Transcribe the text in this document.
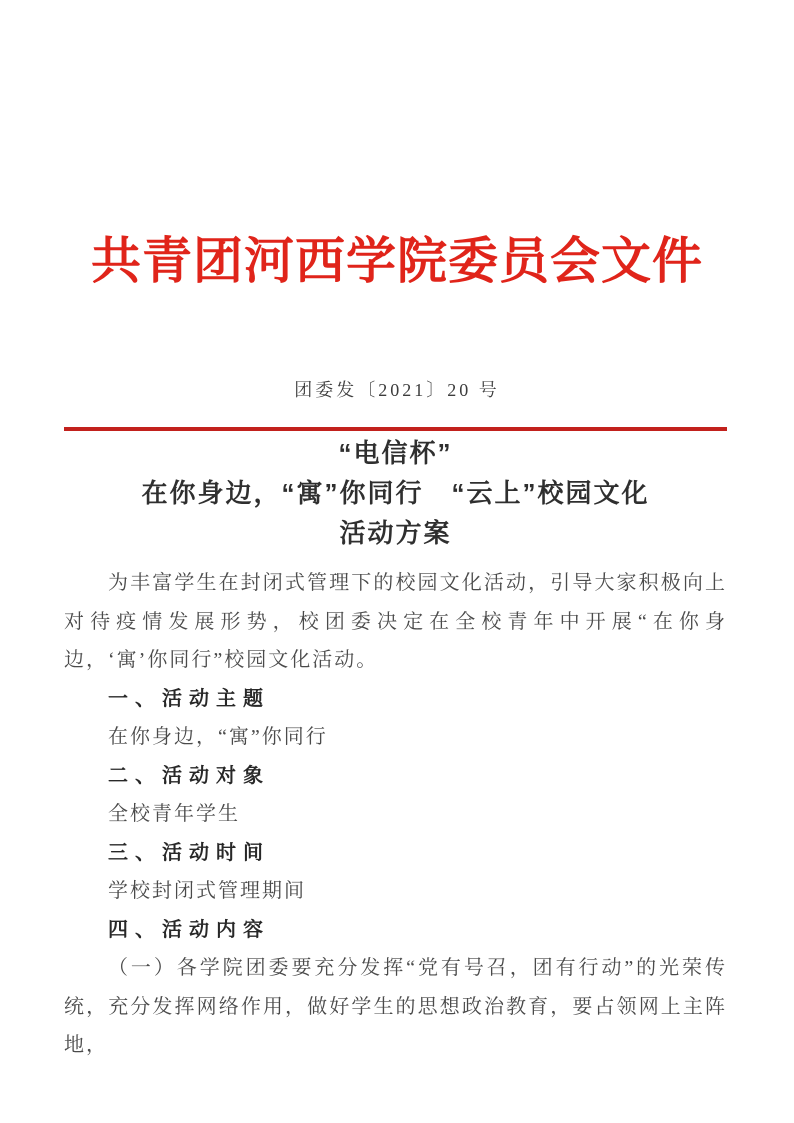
共青团河西学院委员会文件
团委发〔2021〕20 号
“电信杯”
在你身边，“寓”你同行　“云上”校园文化
活动方案

为丰富学生在封闭式管理下的校园文化活动，引导大家积极向上对待疫情发展形势，校团委决定在全校青年中开展“在你身边，‘寓’你同行”校园文化活动。

一、活动主题

在你身边，“寓”你同行

二、活动对象

全校青年学生

三、活动时间

学校封闭式管理期间

四、活动内容

（一）各学院团委要充分发挥“党有号召，团有行动”的光荣传统，充分发挥网络作用，做好学生的思想政治教育，要占领网上主阵地，
